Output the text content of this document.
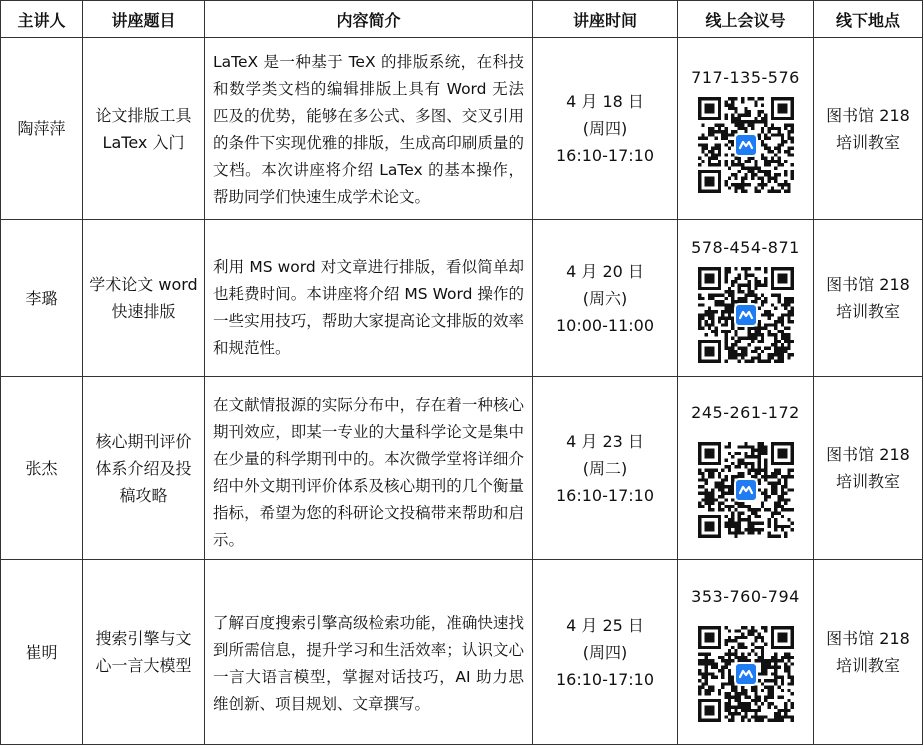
主讲人	讲座题目	内容简介	讲座时间	线上会议号	线下地点

陶萍萍	论文排版工具 LaTex 入门	LaTeX 是一种基于 TeX 的排版系统，在科技和数学类文档的编辑排版上具有 Word 无法匹及的优势，能够在多公式、多图、交叉引用的条件下实现优雅的排版，生成高印刷质量的文档。本次讲座将介绍 LaTex 的基本操作，帮助同学们快速生成学术论文。	4 月 18 日
(周四)
16:10-17:10	717-135-576	图书馆 218 培训教室

李璐	学术论文 word 快速排版	利用 MS word 对文章进行排版，看似简单却也耗费时间。本讲座将介绍 MS Word 操作的一些实用技巧，帮助大家提高论文排版的效率和规范性。	4 月 20 日
(周六)
10:00-11:00	578-454-871	图书馆 218 培训教室

张杰	核心期刊评价体系介绍及投稿攻略	在文献情报源的实际分布中，存在着一种核心期刊效应，即某一专业的大量科学论文是集中在少量的科学期刊中的。本次微学堂将详细介绍中外文期刊评价体系及核心期刊的几个衡量指标，希望为您的科研论文投稿带来帮助和启示。	4 月 23 日
(周二)
16:10-17:10	245-261-172	图书馆 218 培训教室

崔明	搜索引擎与文心一言大模型	了解百度搜索引擎高级检索功能，准确快速找到所需信息，提升学习和生活效率；认识文心一言大语言模型，掌握对话技巧，AI 助力思维创新、项目规划、文章撰写。	4 月 25 日
(周四)
16:10-17:10	353-760-794	图书馆 218 培训教室
